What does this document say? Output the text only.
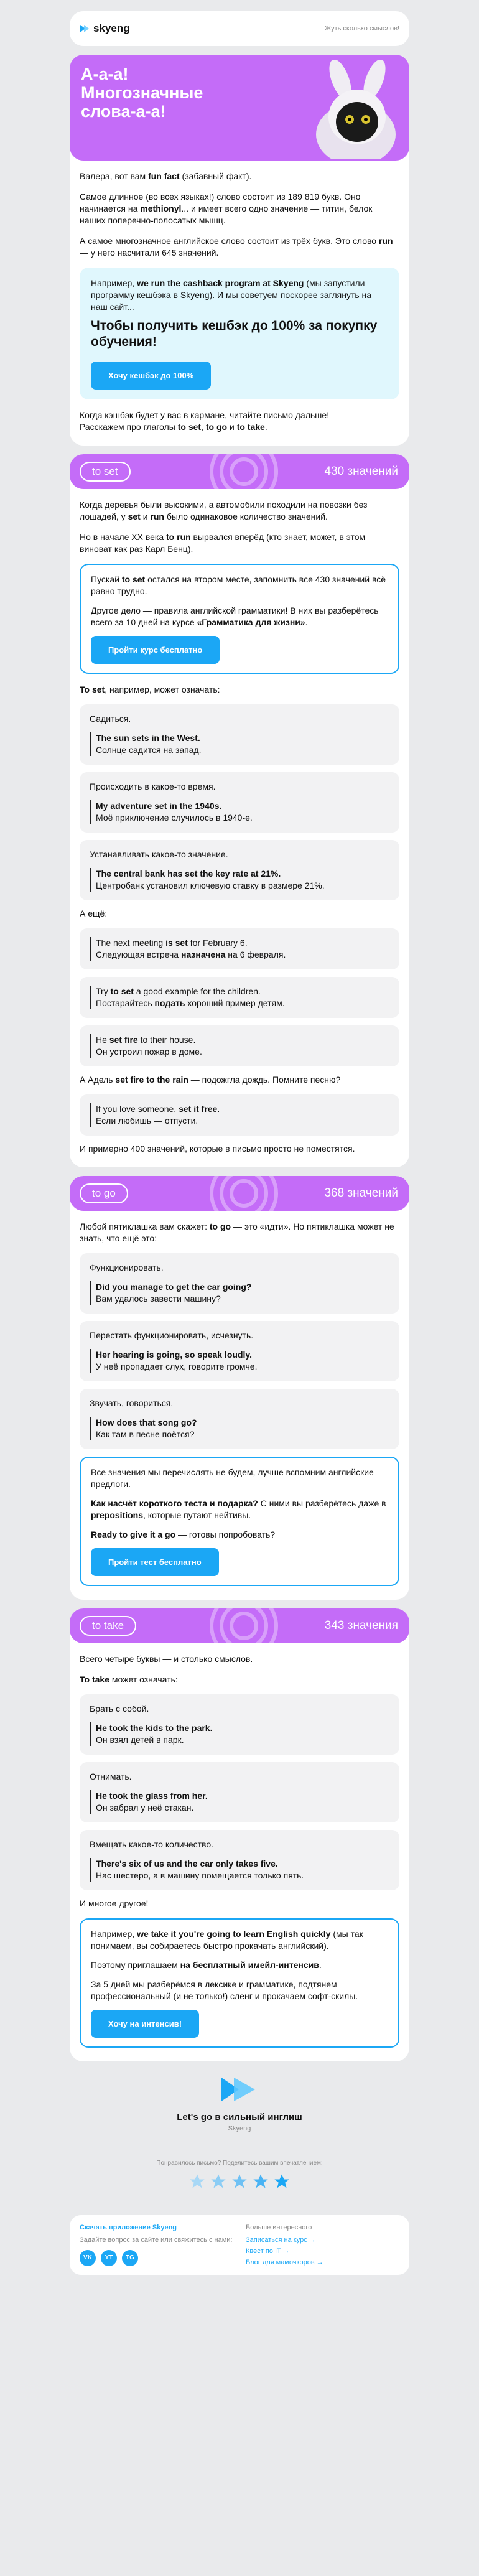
skyeng	Жуть сколько смыслов!
А-а-а! Многозначные слова-а-а!

Валера, вот вам fun fact (забавный факт).

Самое длинное (во всех языках!) слово состоит из 189 819 букв. Оно начинается на methionyl... и имеет всего одно значение — титин, белок наших поперечно-полосатых мышц.

А самое многозначное английское слово состоит из трёх букв. Это слово run — у него насчитали 645 значений.

Например, we run the cashback program at Skyeng (мы запустили программу кешбэка в Skyeng). И мы советуем поскорее заглянуть на наш сайт...
Чтобы получить кешбэк до 100% за покупку обучения!
Хочу кешбэк до 100%

Когда кэшбэк будет у вас в кармане, читайте письмо дальше!
Расскажем про глаголы to set, to go и to take.

to set	430 значений

Когда деревья были высокими, а автомобили походили на повозки без лошадей, у set и run было одинаковое количество значений.

Но в начале XX века to run вырвался вперёд (кто знает, может, в этом виноват как раз Карл Бенц).

Пускай to set остался на втором месте, запомнить все 430 значений всё равно трудно.

Другое дело — правила английской грамматики! В них вы разберётесь всего за 10 дней на курсе «Грамматика для жизни».

Пройти курс бесплатно

To set, например, может означать:

Садиться.
The sun sets in the West.
Солнце садится на запад.
Происходить в какое-то время.
My adventure set in the 1940s.
Моё приключение случилось в 1940-е.
Устанавливать какое-то значение.
The central bank has set the key rate at 21%.
Центробанк установил ключевую ставку в размере 21%.

А ещё:

The next meeting is set for February 6.
Следующая встреча назначена на 6 февраля.
Try to set a good example for the children.
Постарайтесь подать хороший пример детям.
He set fire to their house.
Он устроил пожар в доме.

А Адель set fire to the rain — подожгла дождь. Помните песню?

If you love someone, set it free.
Если любишь — отпусти.

И примерно 400 значений, которые в письмо просто не поместятся.

to go	368 значений

Любой пятиклашка вам скажет: to go — это «идти». Но пятиклашка может не знать, что ещё это:

Функционировать.
Did you manage to get the car going?
Вам удалось завести машину?
Перестать функционировать, исчезнуть.
Her hearing is going, so speak loudly.
У неё пропадает слух, говорите громче.
Звучать, говориться.
How does that song go?
Как там в песне поётся?

Все значения мы перечислять не будем, лучше вспомним английские предлоги.

Как насчёт короткого теста и подарка? С ними вы разберётесь даже в prepositions, которые путают нейтивы.

Ready to give it a go — готовы попробовать?

Пройти тест бесплатно
to take	343 значения

Всего четыре буквы — и столько смыслов.

To take может означать:

Брать с собой.
He took the kids to the park.
Он взял детей в парк.
Отнимать.
He took the glass from her.
Он забрал у неё стакан.
Вмещать какое-то количество.
There's six of us and the car only takes five.
Нас шестеро, а в машину помещается только пять.

И многое другое!

Например, we take it you're going to learn English quickly (мы так понимаем, вы собираетесь быстро прокачать английский).

Поэтому приглашаем на бесплатный имейл-интенсив.

За 5 дней мы разберёмся в лексике и грамматике, подтянем профессиональный (и не только!) сленг и прокачаем софт-скилы.

Хочу на интенсив!
Let's go в сильный инглиш
Skyeng
Понравилось письмо? Поделитесь вашим впечатлением:
Скачать приложение Skyeng
Задайте вопрос за сайте или свяжитесь с нами:
VK	YT	TG
Больше интересного
Записаться на курс →
Квест по IT →
Блог для мамочкоров →
